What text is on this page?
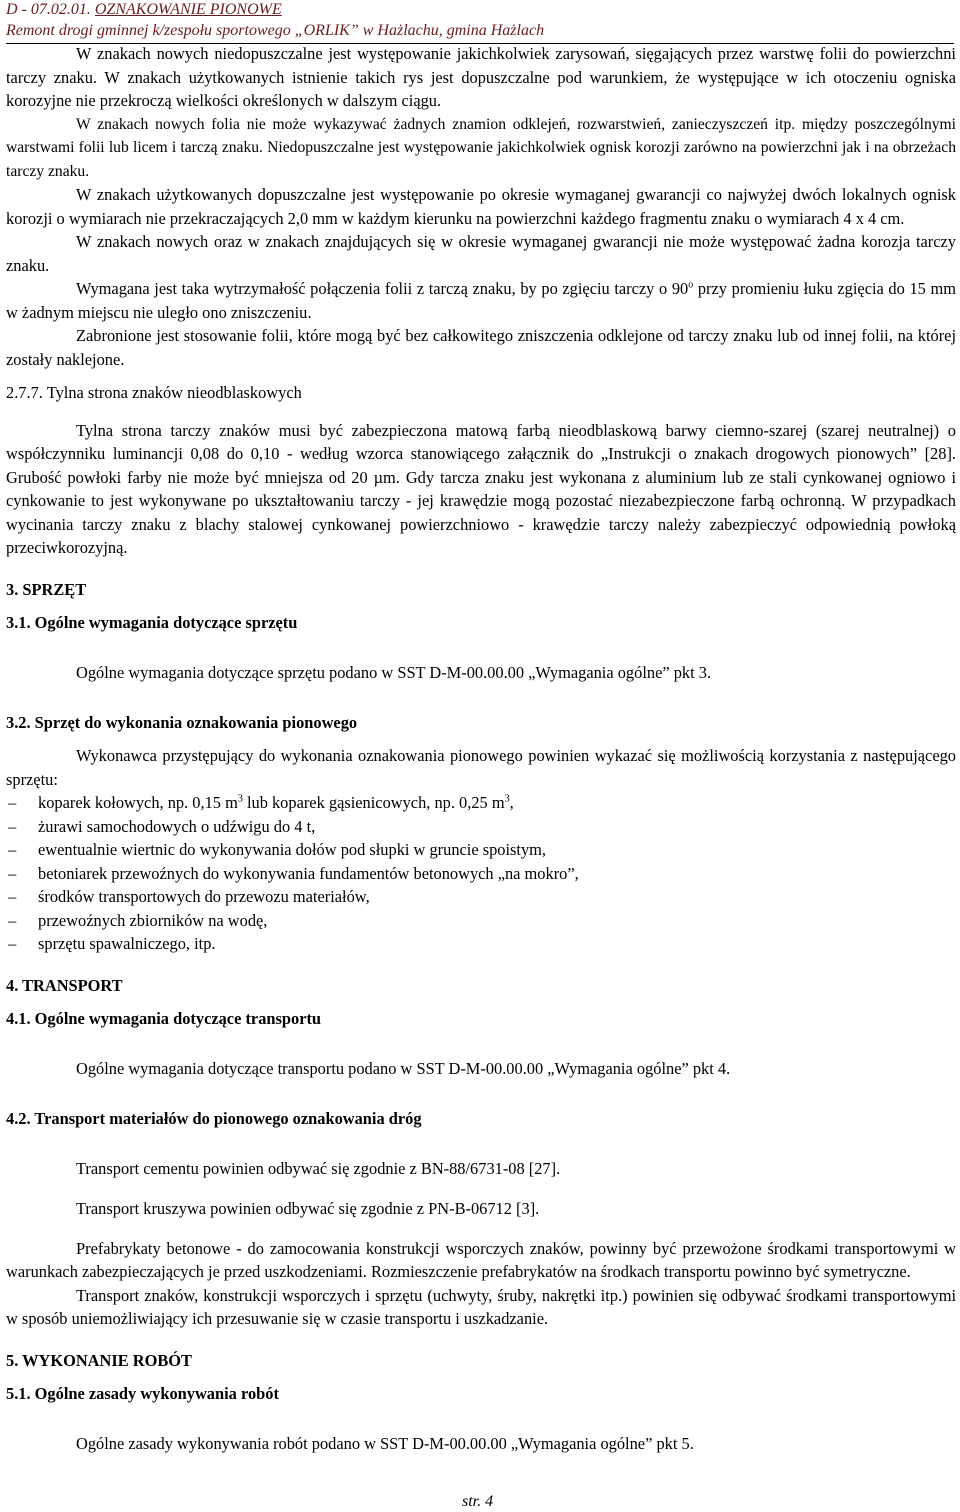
D - 07.02.01. OZNAKOWANIE PIONOWE
Remont drogi gminnej k/zespołu sportowego „ORLIK” w Hażlachu, gmina Hażlach

W znakach nowych niedopuszczalne jest występowanie jakichkolwiek zarysowań, sięgających przez warstwę folii do powierzchni tarczy znaku. W znakach użytkowanych istnienie takich rys jest dopuszczalne pod warunkiem, że występujące w ich otoczeniu ogniska korozyjne nie przekroczą wielkości określonych w dalszym ciągu.

W znakach nowych folia nie może wykazywać żadnych znamion odklejeń, rozwarstwień, zanieczyszczeń itp. między poszczególnymi warstwami folii lub licem i tarczą znaku. Niedopuszczalne jest występowanie jakichkolwiek ognisk korozji zarówno na powierzchni jak i na obrzeżach tarczy znaku.

W znakach użytkowanych dopuszczalne jest występowanie po okresie wymaganej gwarancji co najwyżej dwóch lokalnych ognisk korozji o wymiarach nie przekraczających 2,0 mm w każdym kierunku na powierzchni każdego fragmentu znaku o wymiarach 4 x 4 cm.

W znakach nowych oraz w znakach znajdujących się w okresie wymaganej gwarancji nie może występować żadna korozja tarczy znaku.

Wymagana jest taka wytrzymałość połączenia folii z tarczą znaku, by po zgięciu tarczy o 90$^o$ przy promieniu łuku zgięcia do 15 mm w żadnym miejscu nie uległo ono zniszczeniu.

Zabronione jest stosowanie folii, które mogą być bez całkowitego zniszczenia odklejone od tarczy znaku lub od innej folii, na której zostały naklejone.

2.7.7. Tylna strona znaków nieodblaskowych

Tylna strona tarczy znaków musi być zabezpieczona matową farbą nieodblaskową barwy ciemno-szarej (szarej neutralnej) o współczynniku luminancji 0,08 do 0,10 - według wzorca stanowiącego załącznik do „Instrukcji o znakach drogowych pionowych” [28]. Grubość powłoki farby nie może być mniejsza od 20 µm. Gdy tarcza znaku jest wykonana z aluminium lub ze stali cynkowanej ogniowo i cynkowanie to jest wykonywane po ukształtowaniu tarczy - jej krawędzie mogą pozostać niezabezpieczone farbą ochronną. W przypadkach wycinania tarczy znaku z blachy stalowej cynkowanej powierzchniowo - krawędzie tarczy należy zabezpieczyć odpowiednią powłoką przeciwkorozyjną.

3. SPRZĘT

3.1. Ogólne wymagania dotyczące sprzętu

Ogólne wymagania dotyczące sprzętu podano w SST D-M-00.00.00 „Wymagania ogólne” pkt 3.

3.2. Sprzęt do wykonania oznakowania pionowego

Wykonawca przystępujący do wykonania oznakowania pionowego powinien wykazać się możliwością korzystania z następującego sprzętu:

– koparek kołowych, np. 0,15 $m^3$ lub koparek gąsienicowych, np. 0,25 $m^3$,
– żurawi samochodowych o udźwigu do 4 t,
– ewentualnie wiertnic do wykonywania dołów pod słupki w gruncie spoistym,
– betoniarek przewoźnych do wykonywania fundamentów betonowych „na mokro”,
– środków transportowych do przewozu materiałów,
– przewoźnych zbiorników na wodę,
– sprzętu spawalniczego, itp.

4. TRANSPORT

4.1. Ogólne wymagania dotyczące transportu

Ogólne wymagania dotyczące transportu podano w SST D-M-00.00.00 „Wymagania ogólne” pkt 4.

4.2. Transport materiałów do pionowego oznakowania dróg

Transport cementu powinien odbywać się zgodnie z BN-88/6731-08 [27].

Transport kruszywa powinien odbywać się zgodnie z PN-B-06712 [3].

Prefabrykaty betonowe - do zamocowania konstrukcji wsporczych znaków, powinny być przewożone środkami transportowymi w warunkach zabezpieczających je przed uszkodzeniami. Rozmieszczenie prefabrykatów na środkach transportu powinno być symetryczne.

Transport znaków, konstrukcji wsporczych i sprzętu (uchwyty, śruby, nakrętki itp.) powinien się odbywać środkami transportowymi w sposób uniemożliwiający ich przesuwanie się w czasie transportu i uszkadzanie.

5. WYKONANIE ROBÓT

5.1. Ogólne zasady wykonywania robót

Ogólne zasady wykonywania robót podano w SST D-M-00.00.00 „Wymagania ogólne” pkt 5.

str. 4
